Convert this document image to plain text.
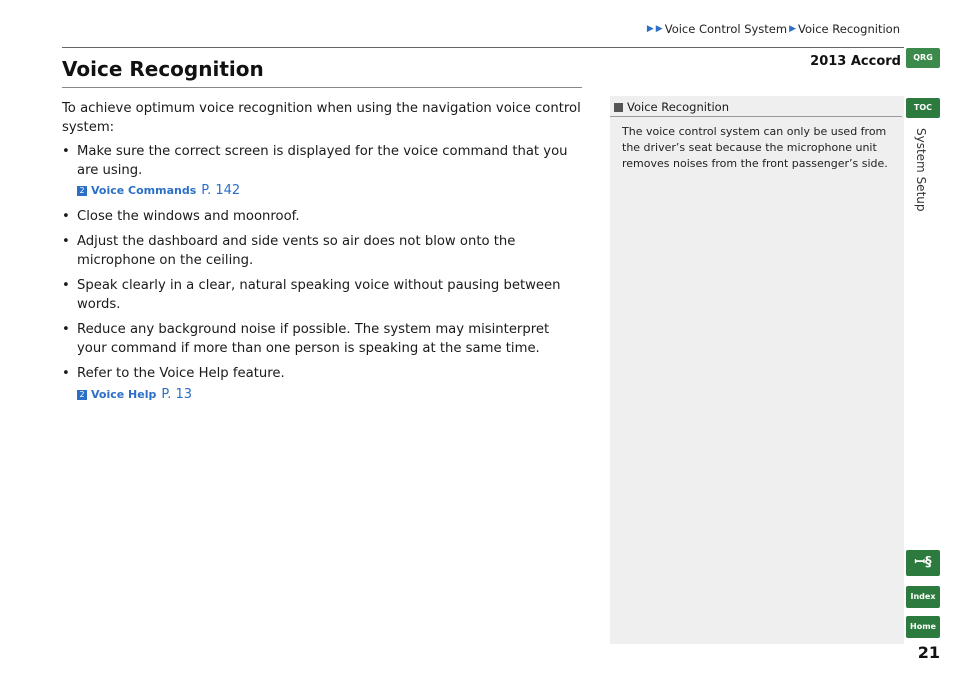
▶ ▶ Voice Control System ▶ Voice Recognition
2013 Accord
Voice Recognition

To achieve optimum voice recognition when using the navigation voice control system:

• Make sure the correct screen is displayed for the voice command that you are using.
2 Voice Commands P. 142
• Close the windows and moonroof.
• Adjust the dashboard and side vents so air does not blow onto the microphone on the ceiling.
• Speak clearly in a clear, natural speaking voice without pausing between words.
• Reduce any background noise if possible. The system may misinterpret your command if more than one person is speaking at the same time.
• Refer to the Voice Help feature.
2 Voice Help P. 13
Voice Recognition
The voice control system can only be used from the driver’s seat because the microphone unit removes noises from the front passenger’s side.
QRG
TOC
System Setup
ꟷ§
Index
Home
21
